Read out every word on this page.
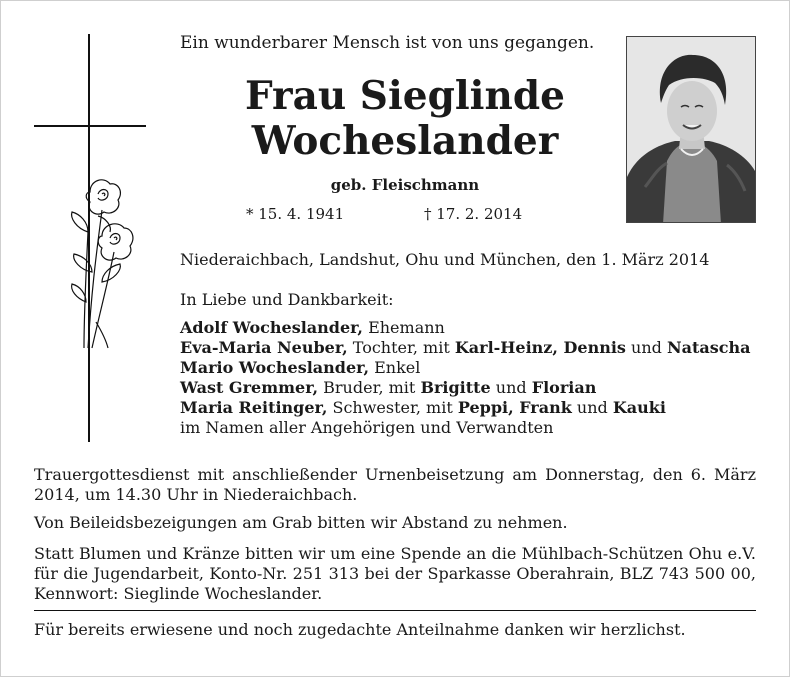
Ein wunderbarer Mensch ist von uns gegangen.
Frau Sieglinde
Wocheslander
geb. Fleischmann
* 15. 4. 1941	† 17. 2. 2014
Niederaichbach, Landshut, Ohu und München, den 1. März 2014
In Liebe und Dankbarkeit:
Adolf Wocheslander, Ehemann
Eva-Maria Neuber, Tochter, mit Karl-Heinz, Dennis und Natascha
Mario Wocheslander, Enkel
Wast Gremmer, Bruder, mit Brigitte und Florian
Maria Reitinger, Schwester, mit Peppi, Frank und Kauki
im Namen aller Angehörigen und Verwandten
Trauergottesdienst mit anschließender Urnenbeisetzung am Donnerstag, den 6. März 2014, um 14.30 Uhr in Niederaichbach.
Von Beileidsbezeigungen am Grab bitten wir Abstand zu nehmen.
Statt Blumen und Kränze bitten wir um eine Spende an die Mühlbach-Schützen Ohu e.V. für die Jugendarbeit, Konto-Nr. 251 313 bei der Sparkasse Oberahrain, BLZ 743 500 00, Kennwort: Sieglinde Wocheslander.
Für bereits erwiesene und noch zugedachte Anteilnahme danken wir herzlichst.
